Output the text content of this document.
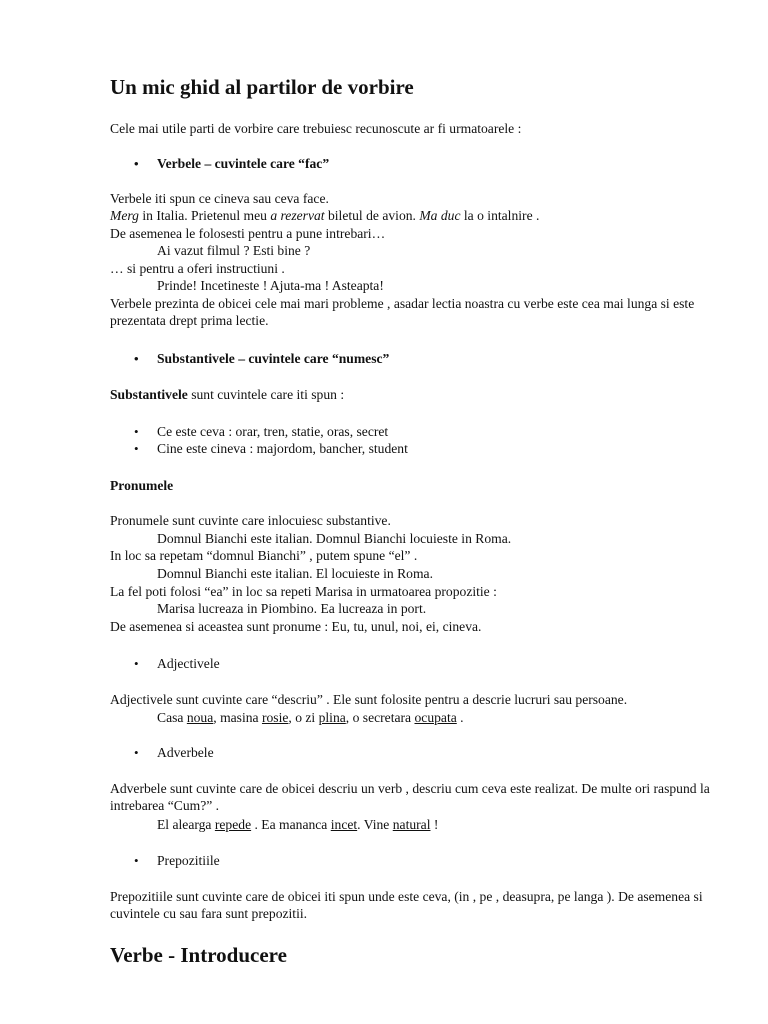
Un mic ghid al partilor de vorbire
Cele mai utile parti de vorbire care trebuiesc recunoscute ar fi urmatoarele :
• Verbele – cuvintele care “fac”
Verbele iti spun ce cineva sau ceva face.
Merg in Italia. Prietenul meu a rezervat biletul de avion. Ma duc la o intalnire .
De asemenea le folosesti pentru a pune intrebari…
Ai vazut filmul ? Esti bine ?
… si pentru a oferi instructiuni .
Prinde! Incetineste ! Ajuta-ma ! Asteapta!
Verbele prezinta de obicei cele mai mari probleme , asadar lectia noastra cu verbe este cea mai lunga si este prezentata drept prima lectie.
• Substantivele – cuvintele care “numesc”
Substantivele sunt cuvintele care iti spun :
• Ce este ceva : orar, tren, statie, oras, secret
• Cine este cineva : majordom, bancher, student
Pronumele
Pronumele sunt cuvinte care inlocuiesc substantive.
Domnul Bianchi este italian. Domnul Bianchi locuieste in Roma.
In loc sa repetam “domnul Bianchi” , putem spune “el” .
Domnul Bianchi este italian. El locuieste in Roma.
La fel poti folosi “ea” in loc sa repeti Marisa in urmatoarea propozitie :
Marisa lucreaza in Piombino. Ea lucreaza in port.
De asemenea si aceastea sunt pronume : Eu, tu, unul, noi, ei, cineva.
• Adjectivele
Adjectivele sunt cuvinte care “descriu” . Ele sunt folosite pentru a descrie lucruri sau persoane.
Casa noua, masina rosie, o zi plina, o secretara ocupata .
• Adverbele
Adverbele sunt cuvinte care de obicei descriu un verb , descriu cum ceva este realizat. De multe ori raspund la intrebarea “Cum?” .
El alearga repede . Ea mananca incet. Vine natural !
• Prepozitiile
Prepozitiile sunt cuvinte care de obicei iti spun unde este ceva, (in , pe , deasupra, pe langa ). De asemenea si cuvintele cu sau fara sunt prepozitii.
Verbe - Introducere
